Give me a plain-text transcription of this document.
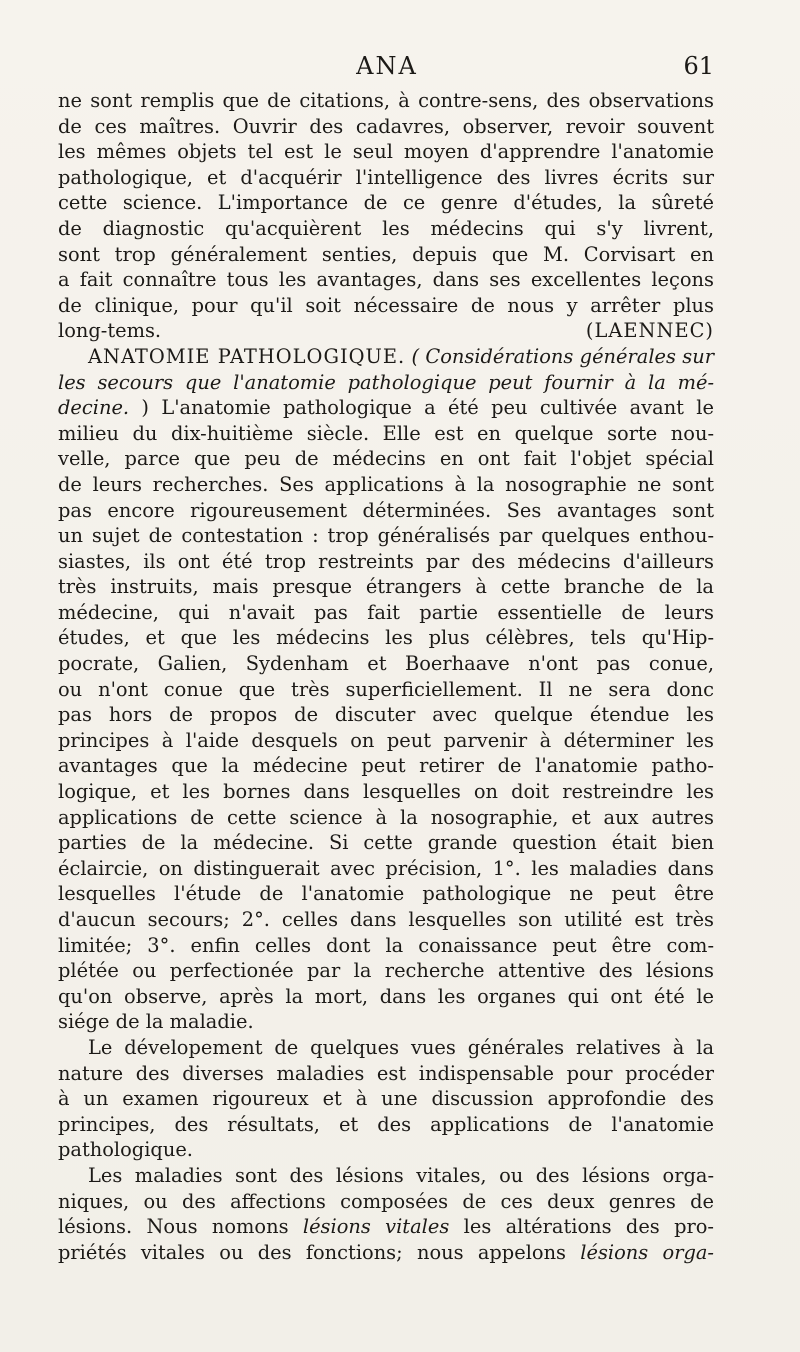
ANA	61
ne sont remplis que de citations, à contre-sens, des observations
de ces maîtres. Ouvrir des cadavres, observer, revoir souvent
les mêmes objets tel est le seul moyen d'apprendre l'anatomie
pathologique, et d'acquérir l'intelligence des livres écrits sur
cette science. L'importance de ce genre d'études, la sûreté
de diagnostic qu'acquièrent les médecins qui s'y livrent,
sont trop généralement senties, depuis que M. Corvisart en
a fait connaître tous les avantages, dans ses excellentes leçons
de clinique, pour qu'il soit nécessaire de nous y arrêter plus
long-tems.	(LAENNEC)
ANATOMIE PATHOLOGIQUE. ( Considérations générales sur
les secours que l'anatomie pathologique peut fournir à la mé-
decine. ) L'anatomie pathologique a été peu cultivée avant le
milieu du dix-huitième siècle. Elle est en quelque sorte nou-
velle, parce que peu de médecins en ont fait l'objet spécial
de leurs recherches. Ses applications à la nosographie ne sont
pas encore rigoureusement déterminées. Ses avantages sont
un sujet de contestation : trop généralisés par quelques enthou-
siastes, ils ont été trop restreints par des médecins d'ailleurs
très instruits, mais presque étrangers à cette branche de la
médecine, qui n'avait pas fait partie essentielle de leurs
études, et que les médecins les plus célèbres, tels qu'Hip-
pocrate, Galien, Sydenham et Boerhaave n'ont pas conue,
ou n'ont conue que très superficiellement. Il ne sera donc
pas hors de propos de discuter avec quelque étendue les
principes à l'aide desquels on peut parvenir à déterminer les
avantages que la médecine peut retirer de l'anatomie patho-
logique, et les bornes dans lesquelles on doit restreindre les
applications de cette science à la nosographie, et aux autres
parties de la médecine. Si cette grande question était bien
éclaircie, on distinguerait avec précision, 1°. les maladies dans
lesquelles l'étude de l'anatomie pathologique ne peut être
d'aucun secours; 2°. celles dans lesquelles son utilité est très
limitée; 3°. enfin celles dont la conaissance peut être com-
plétée ou perfectionée par la recherche attentive des lésions
qu'on observe, après la mort, dans les organes qui ont été le
siége de la maladie.
Le dévelopement de quelques vues générales relatives à la
nature des diverses maladies est indispensable pour procéder
à un examen rigoureux et à une discussion approfondie des
principes, des résultats, et des applications de l'anatomie
pathologique.
Les maladies sont des lésions vitales, ou des lésions orga-
niques, ou des affections composées de ces deux genres de
lésions. Nous nomons lésions vitales les altérations des pro-
priétés vitales ou des fonctions; nous appelons lésions orga-
